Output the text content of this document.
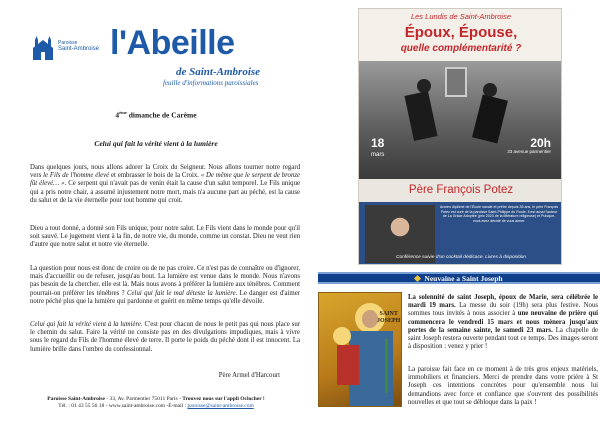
Paroisse
Saint-Ambroise l'Abeille
de Saint-Ambroise
feuille d'informations paroissiales
4ème dimanche de Carême
Celui qui fait la vérité vient à la lumière
Dans quelques jours, nous allons adorer la Croix du Seigneur. Nous allons tourner notre regard vers le Fils de l'homme élevé et embrasser le bois de la Croix. « De même que le serpent de bronze fût élevé… ». Ce serpent qui n'avait pas de venin était la cause d'un salut temporel. Le Fils unique qui a pris notre chair, a assumé injustement notre mort, mais n'a aucune part au péché, est la cause du salut et de la vie éternelle pour tout homme qui croit.
Dieu a tout donné, a donné son Fils unique, pour notre salut. Le Fils vient dans le monde pour qu'il soit sauvé. Le jugement vient à la fin, de notre vie, du monde, comme un constat. Dieu ne veut rien d'autre que notre salut et notre vie éternelle.
La question pour nous est donc de croire ou de ne pas croire. Ce n'est pas de connaître ou d'ignorer, mais d'accueillir ou de refuser, jusqu'au bout. La lumière est venue dans le monde. Nous n'avons pas besoin de la chercher, elle est là. Mais nous avons à préférer la lumière aux ténèbres. Comment pourrait-on préférer les ténèbres ? Celui qui fait le mal déteste la lumière. Le danger est d'aimer notre péché plus que la lumière qui pardonne et guérit en même temps qu'elle dévoile.
Celui qui fait la vérité vient à la lumière. C'est pour chacun de nous le petit pas qui nous place sur le chemin du salut. Faire la vérité ne consiste pas en des divulgations impudiques, mais à vivre sous le regard du Fils de l'homme élevé de terre. Il porte le poids du péché dont il est innocent. La lumière brille dans l'ombre du confessionnal.
Père Armel d'Harcourt
Paroisse Saint-Ambroise - 33, Av. Parmentier 75011 Paris - Trouvez nous sur l'appli Oclocher !
Tél. : 01 43 55 56 18 - www.saint-ambroise.com -E-mail : paroisse@saint-ambroise.com
Les Lundis de Saint-Ambroise
Époux, Épouse,
quelle complémentarité ?
18
mars
20h
33 avenue parmentier
Père François Potez
Ancien diplômé de l'École navale et prêtre depuis 35 ans, le père François Potez est curé de la paroisse Saint-Philippe du Roule. Il est aussi l'auteur de La Grâce Adoptée (prix 2023 de la littérature religieuse) et Puisque-vous avez décidé de vous aimer.
Conférence suivie d'un cocktail dédicace. Livres à disposition
Neuvaine a Saint Joseph
SAINT
JOSEPH
La solennité de saint Joseph, époux de Marie, sera célébrée le mardi 19 mars. La messe du soir (19h) sera plus festive. Nous sommes tous invités à nous associer à une neuvaine de prière qui commencera le vendredi 15 mars et nous mènera jusqu'aux portes de la semaine sainte, le samedi 23 mars. La chapelle de saint Joseph restera ouverte pendant tout ce temps. Des images seront à disposition : venez y prier !
La paroisse fait face en ce moment à de très gros enjeux matériels, immobiliers et financiers. Merci de prendre dans votre prière à St Joseph ces intentions concrètes pour qu'ensemble nous lui demandions avec force et confiance que s'ouvrent des possibilités nouvelles et que tout se débloque dans la paix !
